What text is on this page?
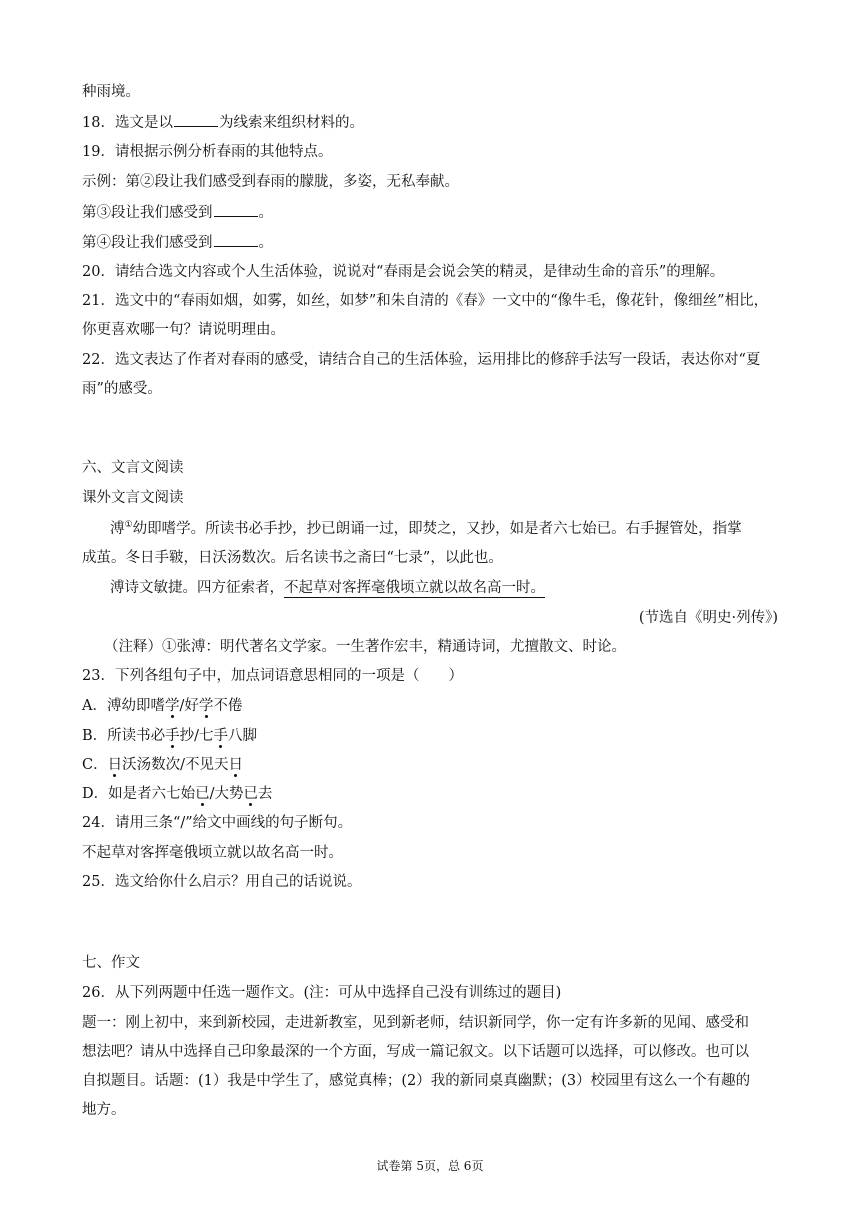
种雨境。
18．选文是以	为线索来组织材料的。
19．请根据示例分析春雨的其他特点。
示例：第②段让我们感受到春雨的朦胧，多姿，无私奉献。
第③段让我们感受到	。
第④段让我们感受到	。
20．请结合选文内容或个人生活体验，说说对“春雨是会说会笑的精灵，是律动生命的音乐”的理解。
21．选文中的“春雨如烟，如雾，如丝，如梦”和朱自清的《春》一文中的“像牛毛，像花针，像细丝”相比，
你更喜欢哪一句？请说明理由。
22．选文表达了作者对春雨的感受，请结合自己的生活体验，运用排比的修辞手法写一段话，表达你对“夏
雨”的感受。
六、文言文阅读
课外文言文阅读
溥①幼即嗜学。所读书必手抄，抄已朗诵一过，即焚之，又抄，如是者六七始已。右手握管处，指掌
成茧。冬日手皲，日沃汤数次。后名读书之斋曰“七录”，以此也。
溥诗文敏捷。四方征索者，不起草对客挥毫俄顷立就以故名高一时。
(节选自《明史·列传》)
（注释）①张溥：明代著名文学家。一生著作宏丰，精通诗词，尤擅散文、时论。
23．下列各组句子中，加点词语意思相同的一项是（　　）
A．溥幼即嗜学/好学不倦
B．所读书必手抄/七手八脚
C．日沃汤数次/不见天日
D．如是者六七始已/大势已去
24．请用三条“/”给文中画线的句子断句。
不起草对客挥毫俄顷立就以故名高一时。
25．选文给你什么启示？用自己的话说说。
七、作文
26．从下列两题中任选一题作文。(注：可从中选择自己没有训练过的题目)
题一：刚上初中，来到新校园，走进新教室，见到新老师，结识新同学，你一定有许多新的见闻、感受和
想法吧？请从中选择自己印象最深的一个方面，写成一篇记叙文。以下话题可以选择，可以修改。也可以
自拟题目。话题：(1）我是中学生了，感觉真棒；(2）我的新同桌真幽默；(3）校园里有这么一个有趣的
地方。
试卷第 5页，总 6页
